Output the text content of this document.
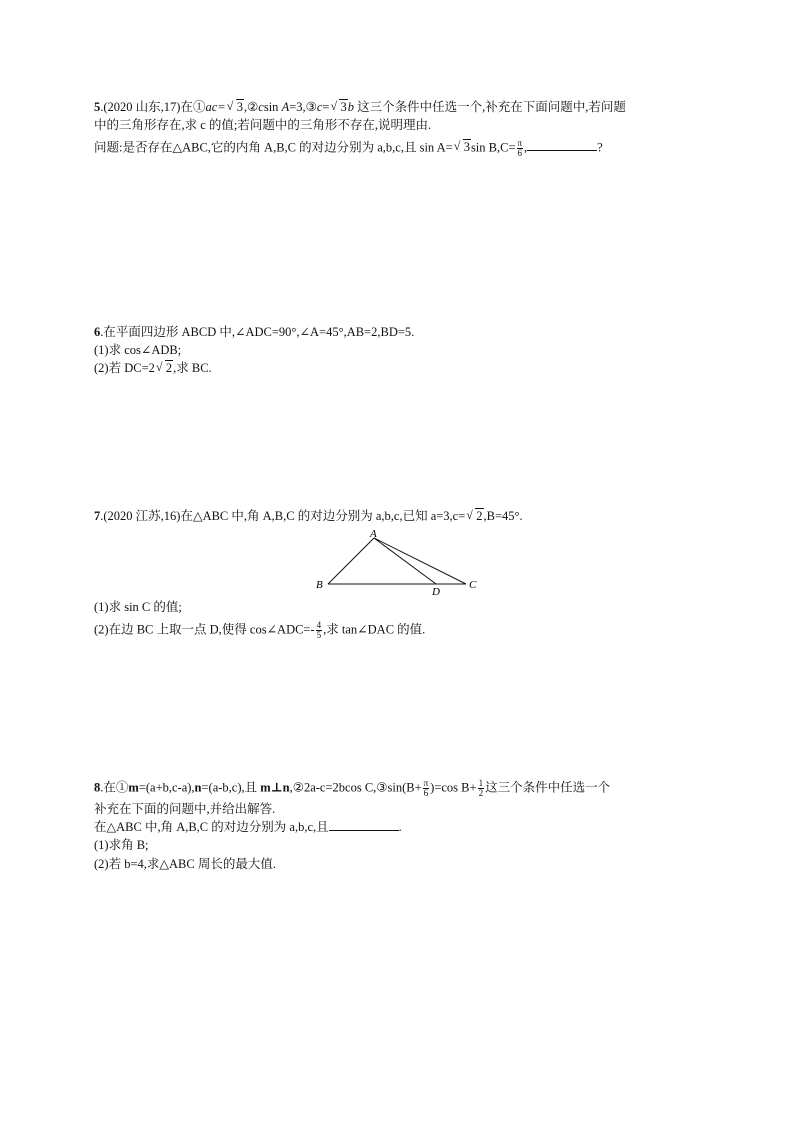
5.(2020 山东,17)在①ac= √ 3,②csin A=3,③c= √ 3b 这三个条件中任选一个,补充在下面问题中,若问题
中的三角形存在,求 c 的值;若问题中的三角形不存在,说明理由.
问题:是否存在△ABC,它的内角 A,B,C 的对边分别为 a,b,c,且 sin A= √ 3sin $B,C= \frac{\pi}{6}$ ,	?
6.在平面四边形 ABCD 中,∠ADC=90°,∠A=45°,AB=2,BD=5.
(1)求 cos∠ADB;
(2)若 DC=2 √ 2,求 BC.
7.(2020 江苏,16)在△ABC 中,角 A,B,C 的对边分别为 a,b,c,已知 a=3,c= √ 2,B=45°.
A
B	C
D
(1)求 sin C 的值;
(2)在边 BC 上取一点 D,使得 cos∠ADC=- $\frac{4}{5}$ ,求 tan∠DAC 的值.
8.在①m=(a+b,c-a),n=(a-b,c),且 m⊥n,②2a-c=2bcos C,③sin(B+ $\frac{\pi}{6} )=\cos$ $B+ \frac{1}{2}$ 这三个条件中任选一个
补充在下面的问题中,并给出解答.
在△ABC 中,角 A,B,C 的对边分别为 a,b,c,且	.
(1)求角 B;
(2)若 b=4,求△ABC 周长的最大值.
